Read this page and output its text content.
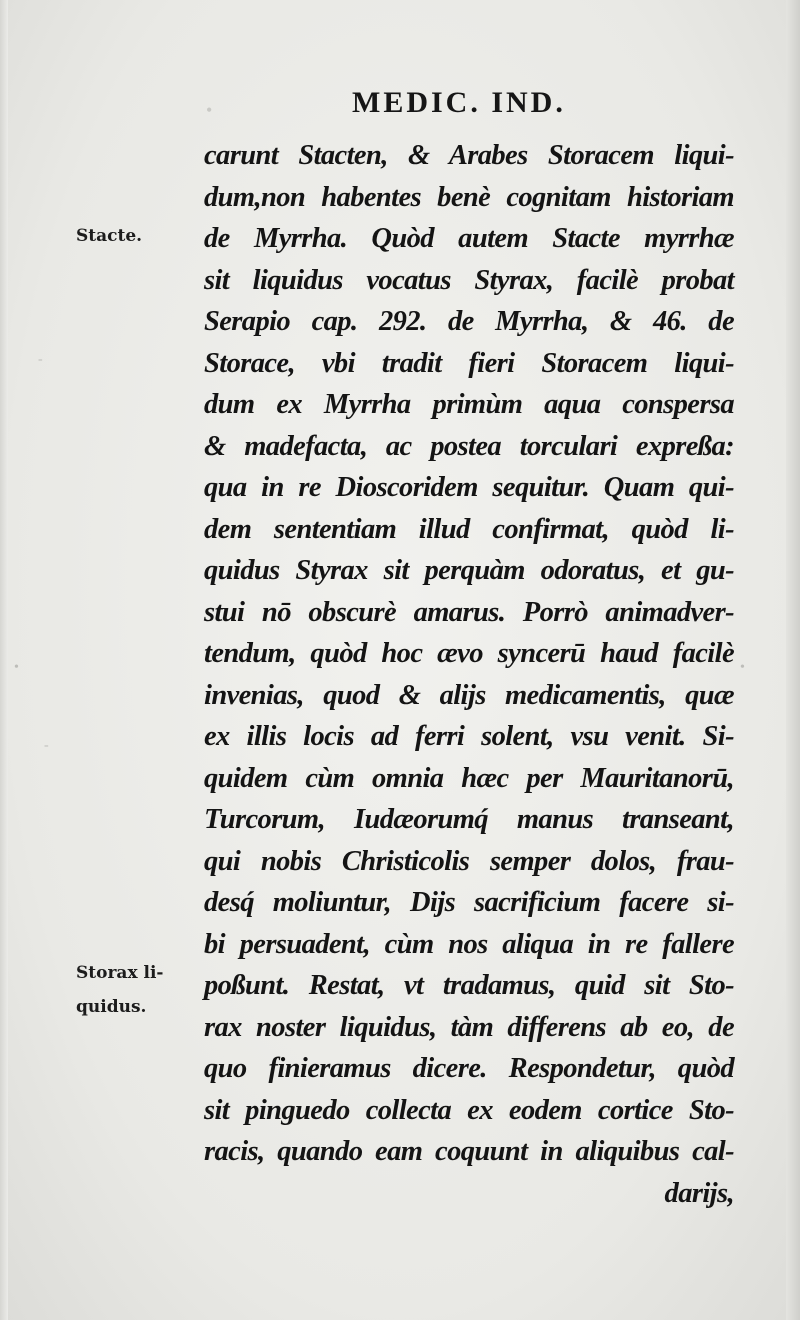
•	MEDIC. IND.
Stacte.
Storax li-
quidus.
-
•	•
-
carunt Stacten, & Arabes Storacem liqui-
dum,non habentes benè cognitam historiam
de Myrrha. Quòd autem Stacte myrrhæ
sit liquidus vocatus Styrax, facilè probat
Serapio cap. 292. de Myrrha, & 46. de
Storace, vbi tradit fieri Storacem liqui-
dum ex Myrrha primùm aqua conspersa
& madefacta, ac postea torculari expreßa:
qua in re Dioscoridem sequitur. Quam qui-
dem sententiam illud confirmat, quòd li-
quidus Styrax sit perquàm odoratus, et gu-
stui nō obscurè amarus. Porrò animadver-
tendum, quòd hoc ævo syncerū haud facilè
invenias, quod & alijs medicamentis, quæ
ex illis locis ad ferri solent, vsu venit. Si-
quidem cùm omnia hæc per Mauritanorū,
Turcorum, Iudæorumq́ manus transeant,
qui nobis Christicolis semper dolos, frau-
desq́ moliuntur, Dijs sacrificium facere si-
bi persuadent, cùm nos aliqua in re fallere
poßunt. Restat, vt tradamus, quid sit Sto-
rax noster liquidus, tàm differens ab eo, de
quo finieramus dicere. Respondetur, quòd
sit pinguedo collecta ex eodem cortice Sto-
racis, quando eam coquunt in aliquibus cal-
darijs,
